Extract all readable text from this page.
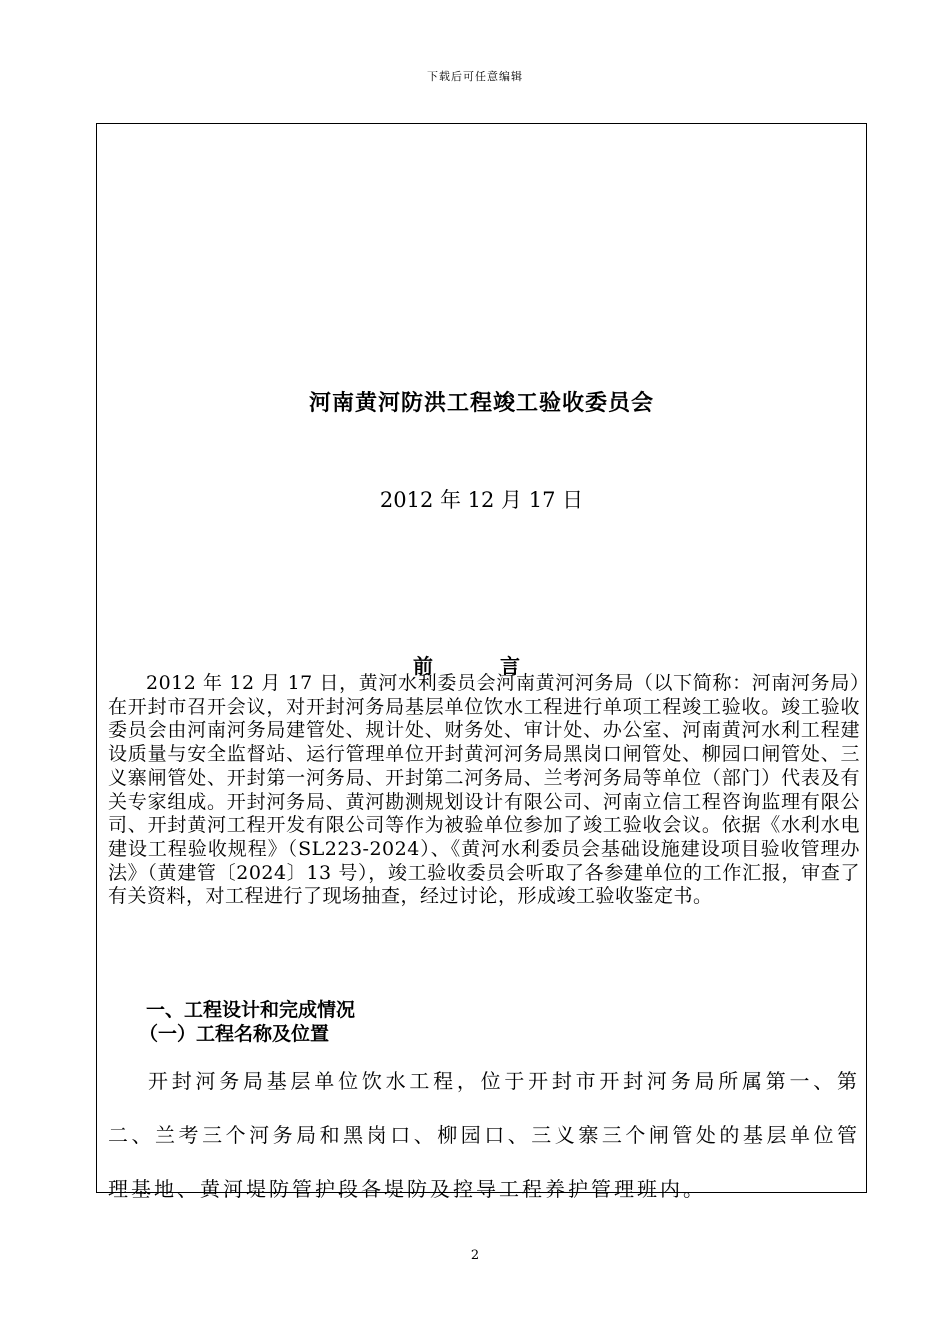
下载后可任意编辑
河南黄河防洪工程竣工验收委员会
2012 年 12 月 17 日
前 言
2012 年 12 月 17 日，黄河水利委员会河南黄河河务局（以下简称：河南河务局）在开封市召开会议，对开封河务局基层单位饮水工程进行单项工程竣工验收。竣工验收委员会由河南河务局建管处、规计处、财务处、审计处、办公室、河南黄河水利工程建设质量与安全监督站、运行管理单位开封黄河河务局黑岗口闸管处、柳园口闸管处、三义寨闸管处、开封第一河务局、开封第二河务局、兰考河务局等单位（部门）代表及有关专家组成。开封河务局、黄河勘测规划设计有限公司、河南立信工程咨询监理有限公司、开封黄河工程开发有限公司等作为被验单位参加了竣工验收会议。依据《水利水电建设工程验收规程》（SL223-2024）、《黄河水利委员会基础设施建设项目验收管理办法》（黄建管〔2024〕13 号），竣工验收委员会听取了各参建单位的工作汇报，审查了有关资料，对工程进行了现场抽查，经过讨论，形成竣工验收鉴定书。
一、工程设计和完成情况
（一）工程名称及位置
开封河务局基层单位饮水工程，位于开封市开封河务局所属第一、第二、兰考三个河务局和黑岗口、柳园口、三义寨三个闸管处的基层单位管理基地、黄河堤防管护段各堤防及控导工程养护管理班内。
2
